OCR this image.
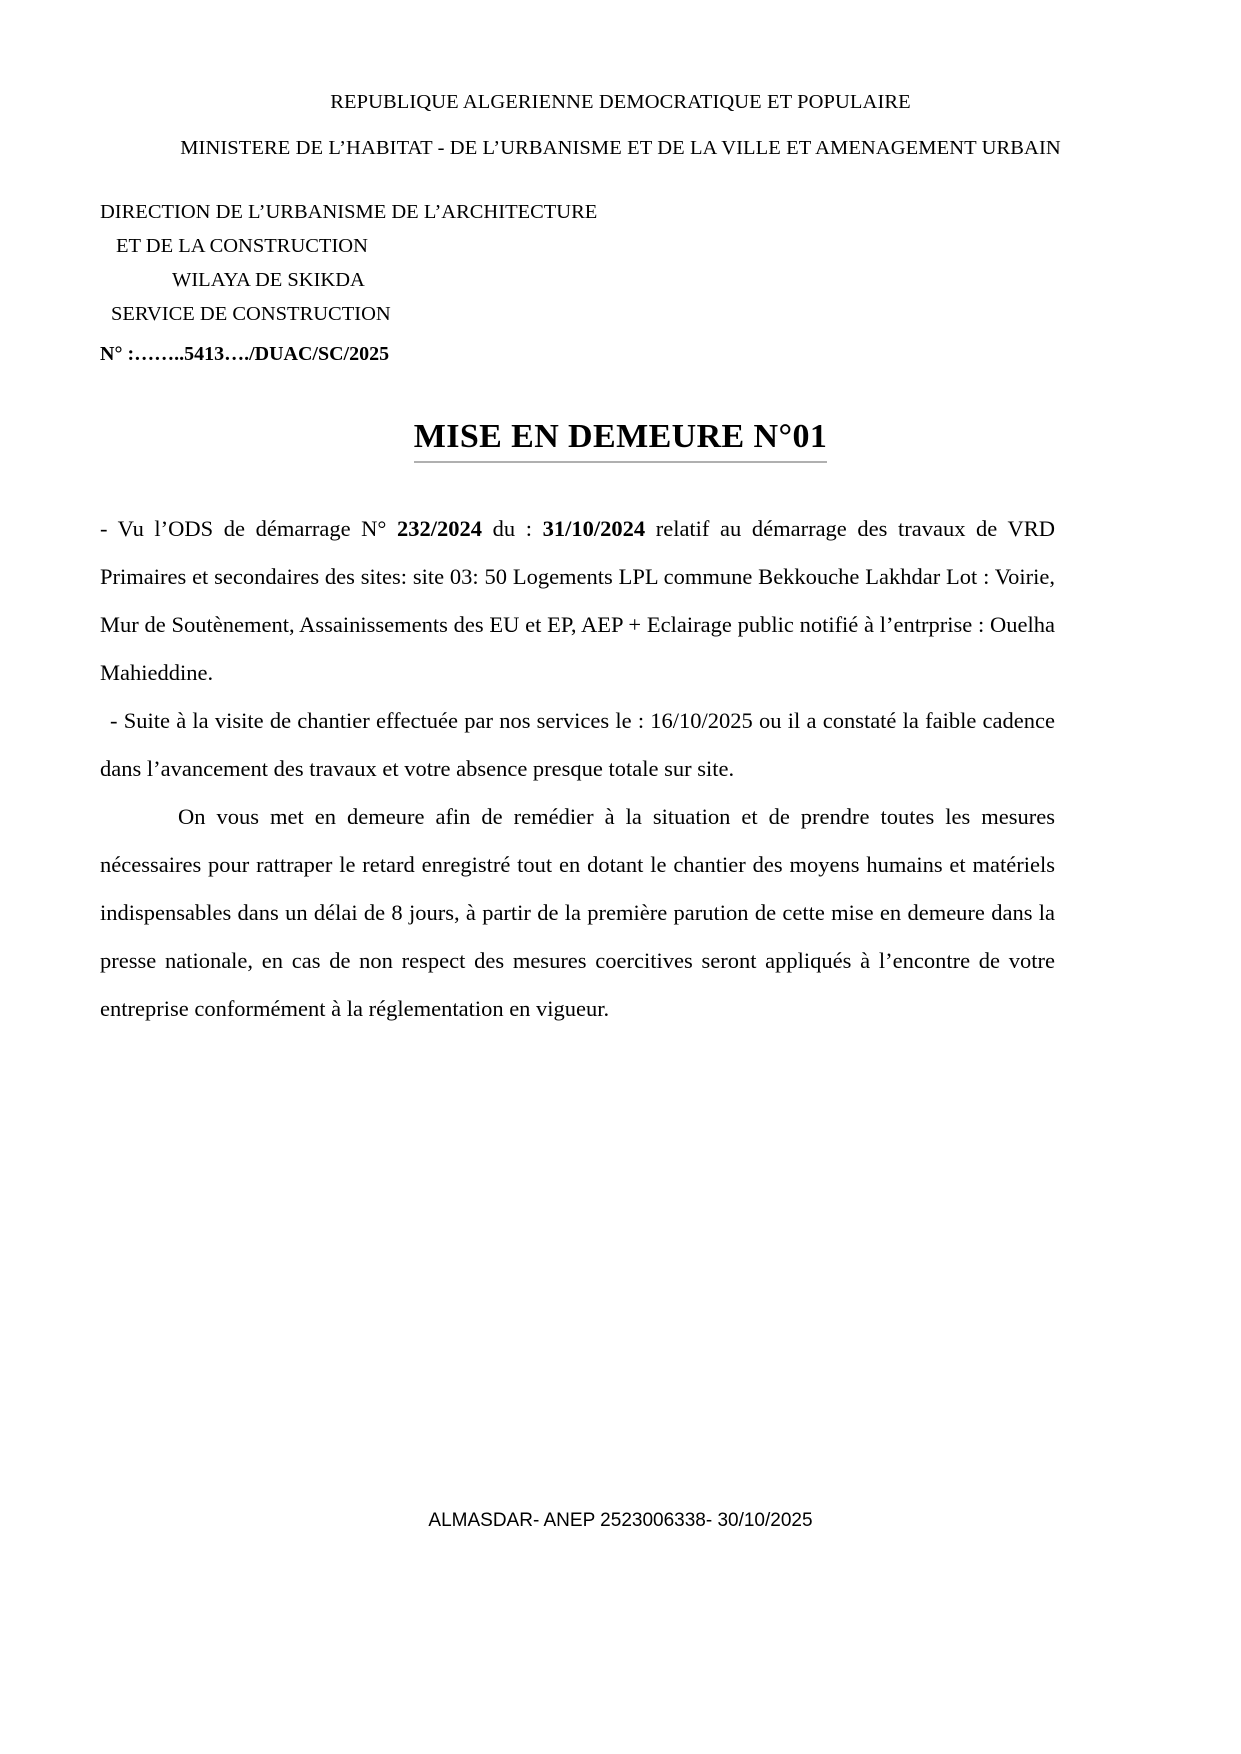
REPUBLIQUE ALGERIENNE DEMOCRATIQUE ET POPULAIRE
MINISTERE DE L’HABITAT - DE L’URBANISME ET DE LA VILLE ET AMENAGEMENT URBAIN
DIRECTION DE L’URBANISME DE L’ARCHITECTURE
ET DE LA CONSTRUCTION
WILAYA DE SKIKDA
SERVICE DE CONSTRUCTION
N° :……..5413…./DUAC/SC/2025
MISE EN DEMEURE N°01

- Vu l’ODS de démarrage N° 232/2024 du : 31/10/2024 relatif au démarrage des travaux de VRD Primaires et secondaires des sites: site 03: 50 Logements LPL commune Bekkouche Lakhdar Lot : Voirie, Mur de Soutènement, Assainissements des EU et EP, AEP + Eclairage public notifié à l’entrprise : Ouelha Mahieddine.

- Suite à la visite de chantier effectuée par nos services le : 16/10/2025 ou il a constaté la faible cadence dans l’avancement des travaux et votre absence presque totale sur site.

On vous met en demeure afin de remédier à la situation et de prendre toutes les mesures nécessaires pour rattraper le retard enregistré tout en dotant le chantier des moyens humains et matériels indispensables dans un délai de 8 jours, à partir de la première parution de cette mise en demeure dans la presse nationale, en cas de non respect des mesures coercitives seront appliqués à l’encontre de votre entreprise conformément à la réglementation en vigueur.

ALMASDAR- ANEP 2523006338- 30/10/2025
